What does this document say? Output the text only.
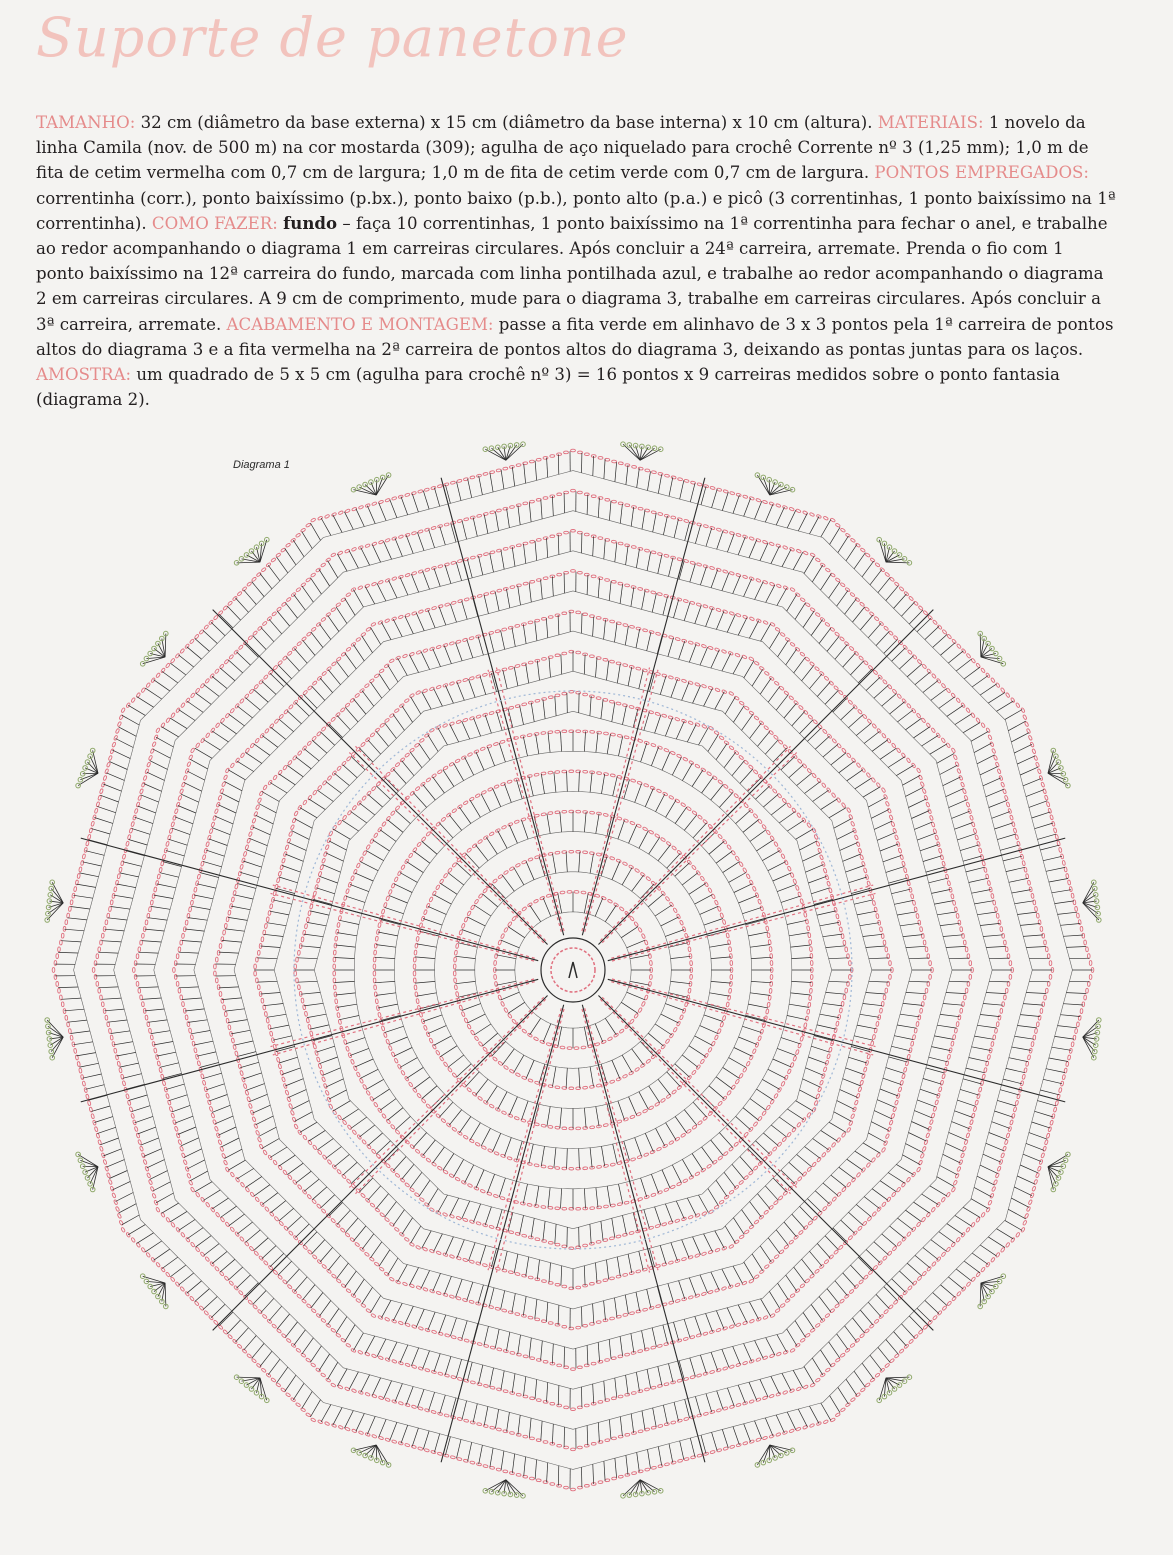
Suporte de panetone

TAMANHO: 32 cm (diâmetro da base externa) x 15 cm (diâmetro da base interna) x 10 cm (altura). MATERIAIS: 1 novelo da linha Camila (nov. de 500 m) na cor mostarda (309); agulha de aço niquelado para crochê Corrente nº 3 (1,25 mm); 1,0 m de fita de cetim vermelha com 0,7 cm de largura; 1,0 m de fita de cetim verde com 0,7 cm de largura. PONTOS EMPREGADOS: correntinha (corr.), ponto baixíssimo (p.bx.), ponto baixo (p.b.), ponto alto (p.a.) e picô (3 correntinhas, 1 ponto baixíssimo na 1ª correntinha). COMO FAZER: fundo – faça 10 correntinhas, 1 ponto baixíssimo na 1ª correntinha para fechar o anel, e trabalhe ao redor acompanhando o diagrama 1 em carreiras circulares. Após concluir a 24ª carreira, arremate. Prenda o fio com 1 ponto baixíssimo na 12ª carreira do fundo, marcada com linha pontilhada azul, e trabalhe ao redor acompanhando o diagrama 2 em carreiras circulares. A 9 cm de comprimento, mude para o diagrama 3, trabalhe em carreiras circulares. Após concluir a 3ª carreira, arremate. ACABAMENTO E MONTAGEM: passe a fita verde em alinhavo de 3 x 3 pontos pela 1ª carreira de pontos altos do diagrama 3 e a fita vermelha na 2ª carreira de pontos altos do diagrama 3, deixando as pontas juntas para os laços. AMOSTRA: um quadrado de 5 x 5 cm (agulha para crochê nº 3) = 16 pontos x 9 carreiras medidos sobre o ponto fantasia (diagrama 2).

Diagrama 1
